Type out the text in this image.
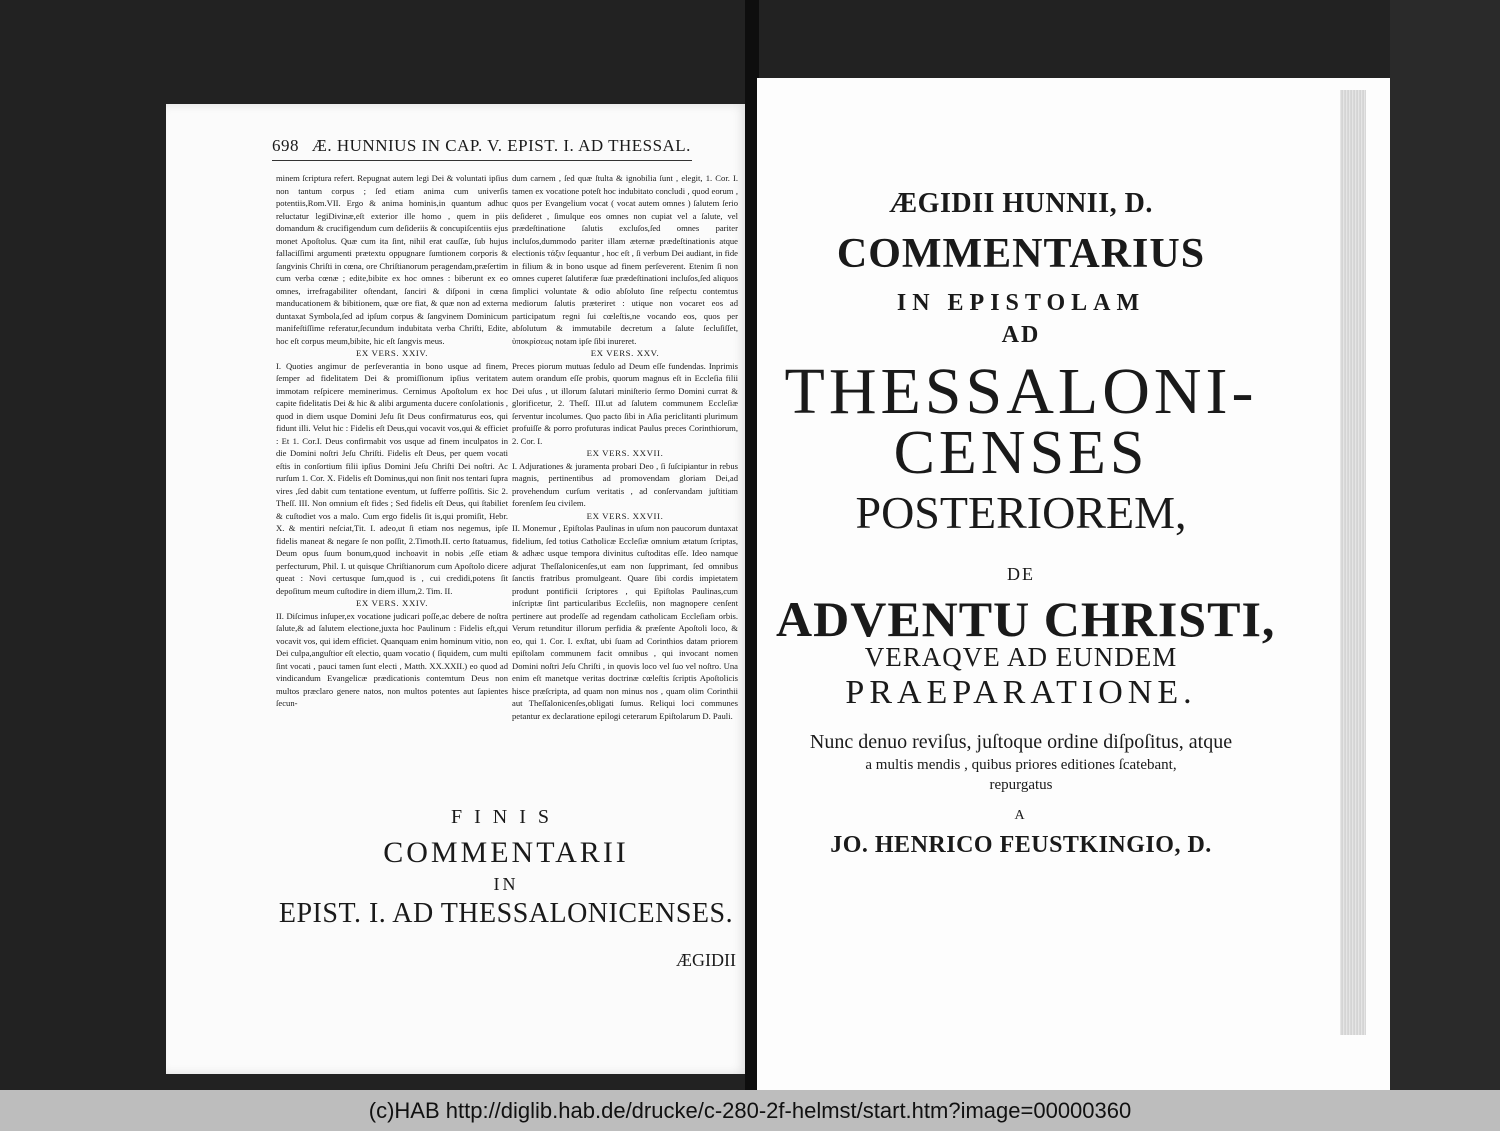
698 Æ. HUNNIUS IN CAP. V. EPIST. I. AD THESSAL.

minem ſcriptura refert. Repugnat autem legi Dei & voluntati ipſius non tantum corpus ; ſed etiam anima cum univerſis potentiis,Rom.VII. Ergo & anima hominis,in quantum adhuc reluctatur legiDivinæ,eſt exterior ille homo , quem in piis domandum & crucifigendum cum deſideriis & concupiſcentiis ejus monet Apoſtolus. Quæ cum ita ſint, nihil erat cauſſæ, ſub hujus fallaciſſimi argumenti prætextu oppugnare ſumtionem corporis & ſangvinis Chriſti in cœna, ore Chriſtianorum peragendam,præſertim cum verba cœnæ ; edite,bibite ex hoc omnes : biberunt ex eo omnes, irrefragabiliter oſtendant, ſanciri & diſponi in cœna manducationem & bibitionem, quæ ore fiat, & quæ non ad externa duntaxat Symbola,ſed ad ipſum corpus & ſangvinem Dominicum manifeſtiſſime referatur,ſecundum indubitata verba Chriſti, Edite, hoc eſt corpus meum,bibite, hic eſt ſangvis meus.

EX VERS. XXIV.

I. Quoties angimur de perſeverantia in bono usque ad finem, ſemper ad fidelitatem Dei & promiſſionum ipſius veritatem immotam reſpicere meminerimus. Cernimus Apoſtolum ex hoc capite fidelitatis Dei & hic & alibi argumenta ducere conſolationis , quod in diem usque Domini Jeſu ſit Deus confirmaturus eos, qui fidunt illi. Velut hic : Fidelis eſt Deus,qui vocavit vos,qui & efficiet : Et 1. Cor.I. Deus confirmabit vos usque ad finem inculpatos in die Domini noſtri Jeſu Chriſti. Fidelis eſt Deus, per quem vocati eſtis in conſortium filii ipſius Domini Jeſu Chriſti Dei noſtri. Ac rurſum 1. Cor. X. Fidelis eſt Dominus,qui non ſinit nos tentari ſupra vires ,ſed dabit cum tentatione eventum, ut ſufferre poſſitis. Sic 2. Theſſ. III. Non omnium eſt fides ; Sed fidelis eſt Deus, qui ſtabiliet & cuſtodiet vos a malo. Cum ergo fidelis ſit is,qui promiſit, Hebr. X. & mentiri neſciat,Tit. I. adeo,ut ſi etiam nos negemus, ipſe fidelis maneat & negare ſe non poſſit, 2.Timoth.II. certo ſtatuamus, Deum opus ſuum bonum,quod inchoavit in nobis ,eſſe etiam perfecturum, Phil. I. ut quisque Chriſtianorum cum Apoſtolo dicere queat : Novi certusque ſum,quod is , cui credidi,potens ſit depoſitum meum cuſtodire in diem illum,2. Tim. II.

EX VERS. XXIV.

II. Diſcimus inſuper,ex vocatione judicari poſſe,ac debere de noſtra ſalute,& ad ſalutem electione,juxta hoc Paulinum : Fidelis eſt,qui vocavit vos, qui idem efficiet. Quanquam enim hominum vitio, non Dei culpa,anguſtior eſt electio, quam vocatio ( ſiquidem, cum multi ſint vocati , pauci tamen ſunt electi , Matth. XX.XXII.) eo quod ad vindicandum Evangelicæ prædicationis contemtum Deus non multos præclaro genere natos, non multos potentes aut ſapientes ſecun-

dum carnem , ſed quæ ſtulta & ignobilia ſunt , elegit, 1. Cor. I. tamen ex vocatione poteſt hoc indubitato concludi , quod eorum , quos per Evangelium vocat ( vocat autem omnes ) ſalutem ſerio deſideret , ſimulque eos omnes non cupiat vel a ſalute, vel prædeſtinatione ſalutis excluſos,ſed omnes pariter incluſos,dummodo pariter illam æternæ prædeſtinationis atque electionis τάξιν ſequantur , hoc eſt , ſi verbum Dei audiant, in fide in filium & in bono usque ad finem perſeverent. Etenim ſi non omnes cuperet ſalutiferæ ſuæ prædeſtinationi incluſos,ſed aliquos ſimplici voluntate & odio abſoluto ſine reſpectu contemtus mediorum ſalutis præteriret : utique non vocaret eos ad participatum regni ſui cœleſtis,ne vocando eos, quos per abſolutum & immutabile decretum a ſalute ſecluſiſſet, ὑποκρίσεως notam ipſe ſibi inureret.

EX VERS. XXV.

Preces piorum mutuas ſedulo ad Deum eſſe fundendas. Inprimis autem orandum eſſe probis, quorum magnus eſt in Eccleſia filii Dei uſus , ut illorum ſalutari miniſterio ſermo Domini currat & glorificetur, 2. Theſſ. III.ut ad ſalutem communem Eccleſiæ ſerventur incolumes. Quo pacto ſibi in Aſia periclitanti plurimum profuiſſe & porro profuturas indicat Paulus preces Corinthiorum, 2. Cor. I.

EX VERS. XXVII.

I. Adjurationes & juramenta probari Deo , ſi ſuſcipiantur in rebus magnis, pertinentibus ad promovendam gloriam Dei,ad provehendum curſum veritatis , ad conſervandam juſtitiam forenſem ſeu civilem.

EX VERS. XXVII.

II. Monemur , Epiſtolas Paulinas in uſum non paucorum duntaxat fidelium, ſed totius Catholicæ Eccleſiæ omnium ætatum ſcriptas, & adhæc usque tempora divinitus cuſtoditas eſſe. Ideo namque adjurat Theſſalonicenſes,ut eam non ſupprimant, ſed omnibus ſanctis fratribus promulgeant. Quare ſibi cordis impietatem produnt pontificii ſcriptores , qui Epiſtolas Paulinas,cum inſcriptæ ſint particularibus Eccleſiis, non magnopere cenſent pertinere aut prodeſſe ad regendam catholicam Eccleſiam orbis. Verum retunditur illorum perfidia & præſente Apoſtoli loco, & eo, qui 1. Cor. I. exſtat, ubi ſuam ad Corinthios datam priorem epiſtolam communem facit omnibus , qui invocant nomen Domini noſtri Jeſu Chriſti , in quovis loco vel ſuo vel noſtro. Una enim eſt manetque veritas doctrinæ cœleſtis ſcriptis Apoſtolicis hisce præſcripta, ad quam non minus nos , quam olim Corinthii aut Theſſalonicenſes,obligati ſumus. Reliqui loci communes petantur ex declaratione epilogi ceterarum Epiſtolarum D. Pauli.

FINIS
COMMENTARII
IN
EPIST. I. AD THESSALONICENSES.
ÆGIDII
ÆGIDII HUNNII, D.
COMMENTARIUS
IN EPISTOLAM
AD
THESSALONI-
CENSES
POSTERIOREM,
DE
ADVENTU CHRISTI,
VERAQVE AD EUNDEM
PRAEPARATIONE.
Nunc denuo reviſus, juſtoque ordine diſpoſitus, atque
a multis mendis , quibus priores editiones ſcatebant,
repurgatus
A
JO. HENRICO FEUSTKINGIO, D.
(c)HAB http://diglib.hab.de/drucke/c-280-2f-helmst/start.htm?image=00000360
